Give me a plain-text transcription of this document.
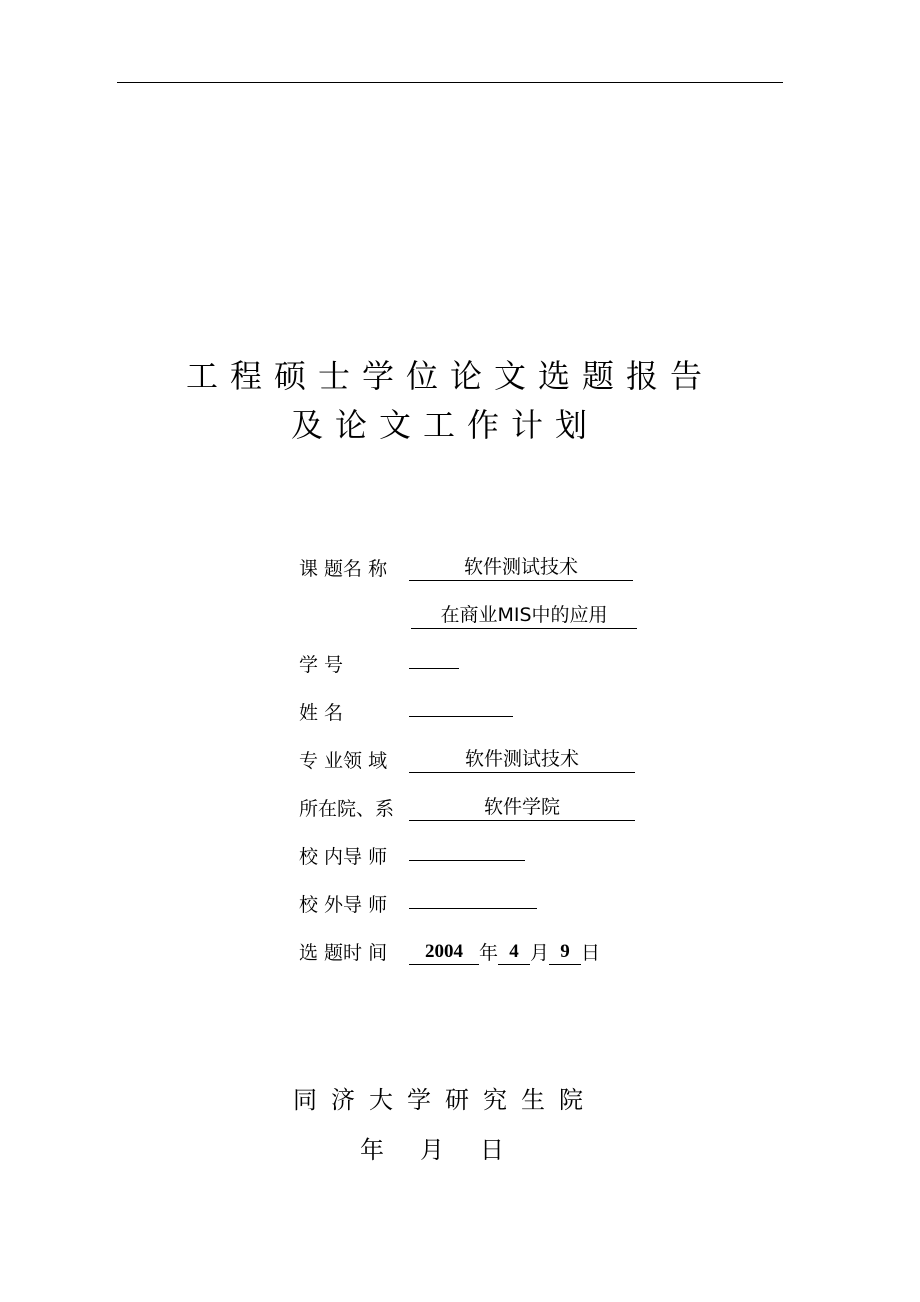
工程硕士学位论文选题报告
及论文工作计划
课 题名 称	软件测试技术
在商业MIS中的应用
学 号
姓 名
专 业领 域	软件测试技术
所在院、系	软件学院
校 内导 师
校 外导 师
选 题时 间 2004 年 4 月 9 日
同济大学研究生院
年月日
